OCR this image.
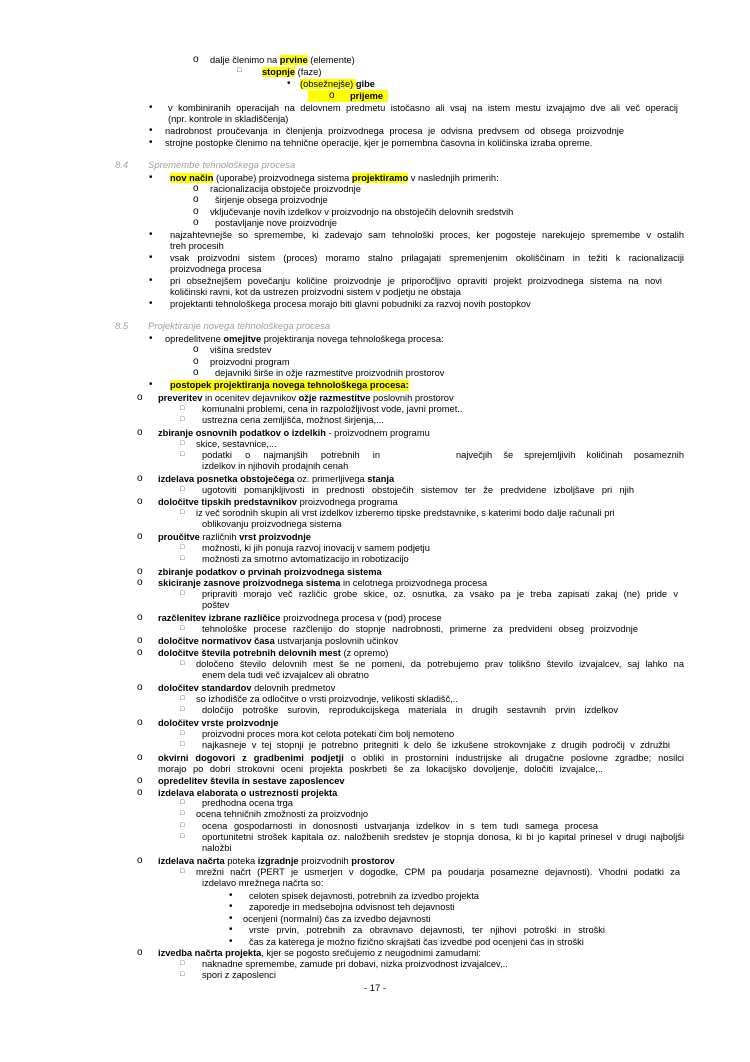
o dalje členimo na prvine (elemente)
□ stopnje (faze)
• (obsežnejše) gibe
o prijeme
• v kombiniranih operacijah na delovnem predmetu istočasno ali vsaj na istem mestu izvajajmo dve ali več operacij
(npr. kontrole in skladiščenja)
• nadrobnost proučevanja in členjenja proizvodnega procesa je odvisna predvsem od obsega proizvodnje
• strojne postopke členimo na tehnične operacije, kjer je pomembna časovna in količinska izraba opreme.
8.4 Spremembe tehnološkega procesa
• nov način (uporabe) proizvodnega sistema projektiramo v naslednjih primerih:
o racionalizacija obstoječe proizvodnje
o širjenje obsega proizvodnje
o vključevanje novih izdelkov v proizvodnjo na obstoječih delovnih sredstvih
o postavljanje nove proizvodnje
• najzahtevnejše so spremembe, ki zadevajo sam tehnološki proces, ker pogosteje narekujejo spremembe v ostalih
treh procesih
• vsak proizvodni sistem (proces) moramo stalno prilagajati spremenjenim okoliščinam in težiti k racionalizaciji
proizvodnega procesa
• pri obsežnejšem povečanju količine proizvodnje je priporočljivo opraviti projekt proizvodnega sistema na novi
količinski ravni, kot da ustrezen proizvodni sistem v podjetju ne obstaja
• projektanti tehnološkega procesa morajo biti glavni pobudniki za razvoj novih postopkov
8.5 Projektiranje novega tehnološkega procesa
• opredelitvene omejitve projektiranja novega tehnološkega procesa:
o višina sredstev
o proizvodni program
o dejavniki širše in ožje razmestitve proizvodnih prostorov
• postopek projektiranja novega tehnološkega procesa:
o preveritev in ocenitev dejavnikov ožje razmestitve poslovnih prostorov
□ komunalni problemi, cena in razpoložljivost vode, javni promet..
□ ustrezna cena zemljišča, možnost širjenja,...
o zbiranje osnovnih podatkov o izdelkih - proizvodnem programu
□ skice, sestavnice,...
□ podatki o najmanjših potrebnih in	največjih še sprejemljivih količinah posameznih
izdelkov in njihovih prodajnih cenah
o izdelava posnetka obstoječega oz. primerljivega stanja
□ ugotoviti pomanjkljivosti in prednosti obstoječih sistemov ter že predvidene izboljšave pri njih
o določitve tipskih predstavnikov proizvodnega programa
□ iz več sorodnih skupin ali vrst izdelkov izberemo tipske predstavnike, s katerimi bodo dalje računali pri
oblikovanju proizvodnega sistema
o proučitve različnih vrst proizvodnje
□ možnosti, ki jih ponuja razvoj inovacij v samem podjetju
□ možnosti za smotrno avtomatizacijo in robotizacijo
o zbiranje podatkov o prvinah proizvodnega sistema
o skiciranje zasnove proizvodnega sistema in celotnega proizvodnega procesa
□ pripraviti morajo več različic grobe skice, oz. osnutka, za vsako pa je treba zapisati zakaj (ne) pride v
poštev
o razčlenitev izbrane različice proizvodnega procesa v (pod) procese
□ tehnološke procese razčlenijo do stopnje nadrobnosti, primerne za predvideni obseg proizvodnje
o določitve normativov časa ustvarjanja poslovnih učinkov
o določitve števila potrebnih delovnih mest (z opremo)
□ določeno število delovnih mest še ne pomeni, da potrebujemo prav tolikšno število izvajalcev, saj lahko na
enem dela tudi več izvajalcev ali obratno
o določitev standardov delovnih predmetov
□ so izhodišče za odločitve o vrsti proizvodnje, velikosti skladišč,..
□ določijo potroške surovin, reprodukcijskega materiala in drugih sestavnih prvin izdelkov
o določitev vrste proizvodnje
□ proizvodni proces mora kot celota potekati čim bolj nemoteno
□ najkasneje v tej stopnji je potrebno pritegniti k delo še izkušene strokovnjake z drugih področij v združbi
o okvirni dogovori z gradbenimi podjetji o obliki in prostornini industrijske ali drugačne poslovne zgradbe; nosilci
morajo po dobri strokovni oceni projekta poskrbeti še za lokacijsko dovoljenje, določiti izvajalce,..
o opredelitev števila in sestave zaposlencev
o izdelava elaborata o ustreznosti projekta
□ predhodna ocena trga
□ ocena tehničnih zmožnosti za proizvodnjo
□ ocena gospodarnosti in donosnosti ustvarjanja izdelkov in s tem tudi samega procesa
□ oportunitetni strošek kapitala oz. naložbenih sredstev je stopnja donosa, ki bi jo kapital prinesel v drugi najboljši
naložbi
o izdelava načrta poteka izgradnje proizvodnih prostorov
□ mrežni načrt (PERT je usmerjen v dogodke, CPM pa poudarja posamezne dejavnosti). Vhodni podatki za
izdelavo mrežnega načrta so:
• celoten spisek dejavnosti, potrebnih za izvedbo projekta
• zaporedje in medsebojna odvisnost teh dejavnosti
• ocenjeni (normalni) čas za izvedbo dejavnosti
• vrste prvin, potrebnih za obravnavo dejavnosti, ter njihovi potroški in stroški
• čas za katerega je možno fizično skrajšati čas izvedbe pod ocenjeni čas in stroški
o izvedba načrta projekta, kjer se pogosto srečujemo z neugodnimi zamudami:
□ naknadne spremembe, zamude pri dobavi, nizka proizvodnost izvajalcev,..
□ spori z zaposlenci
- 17 -
